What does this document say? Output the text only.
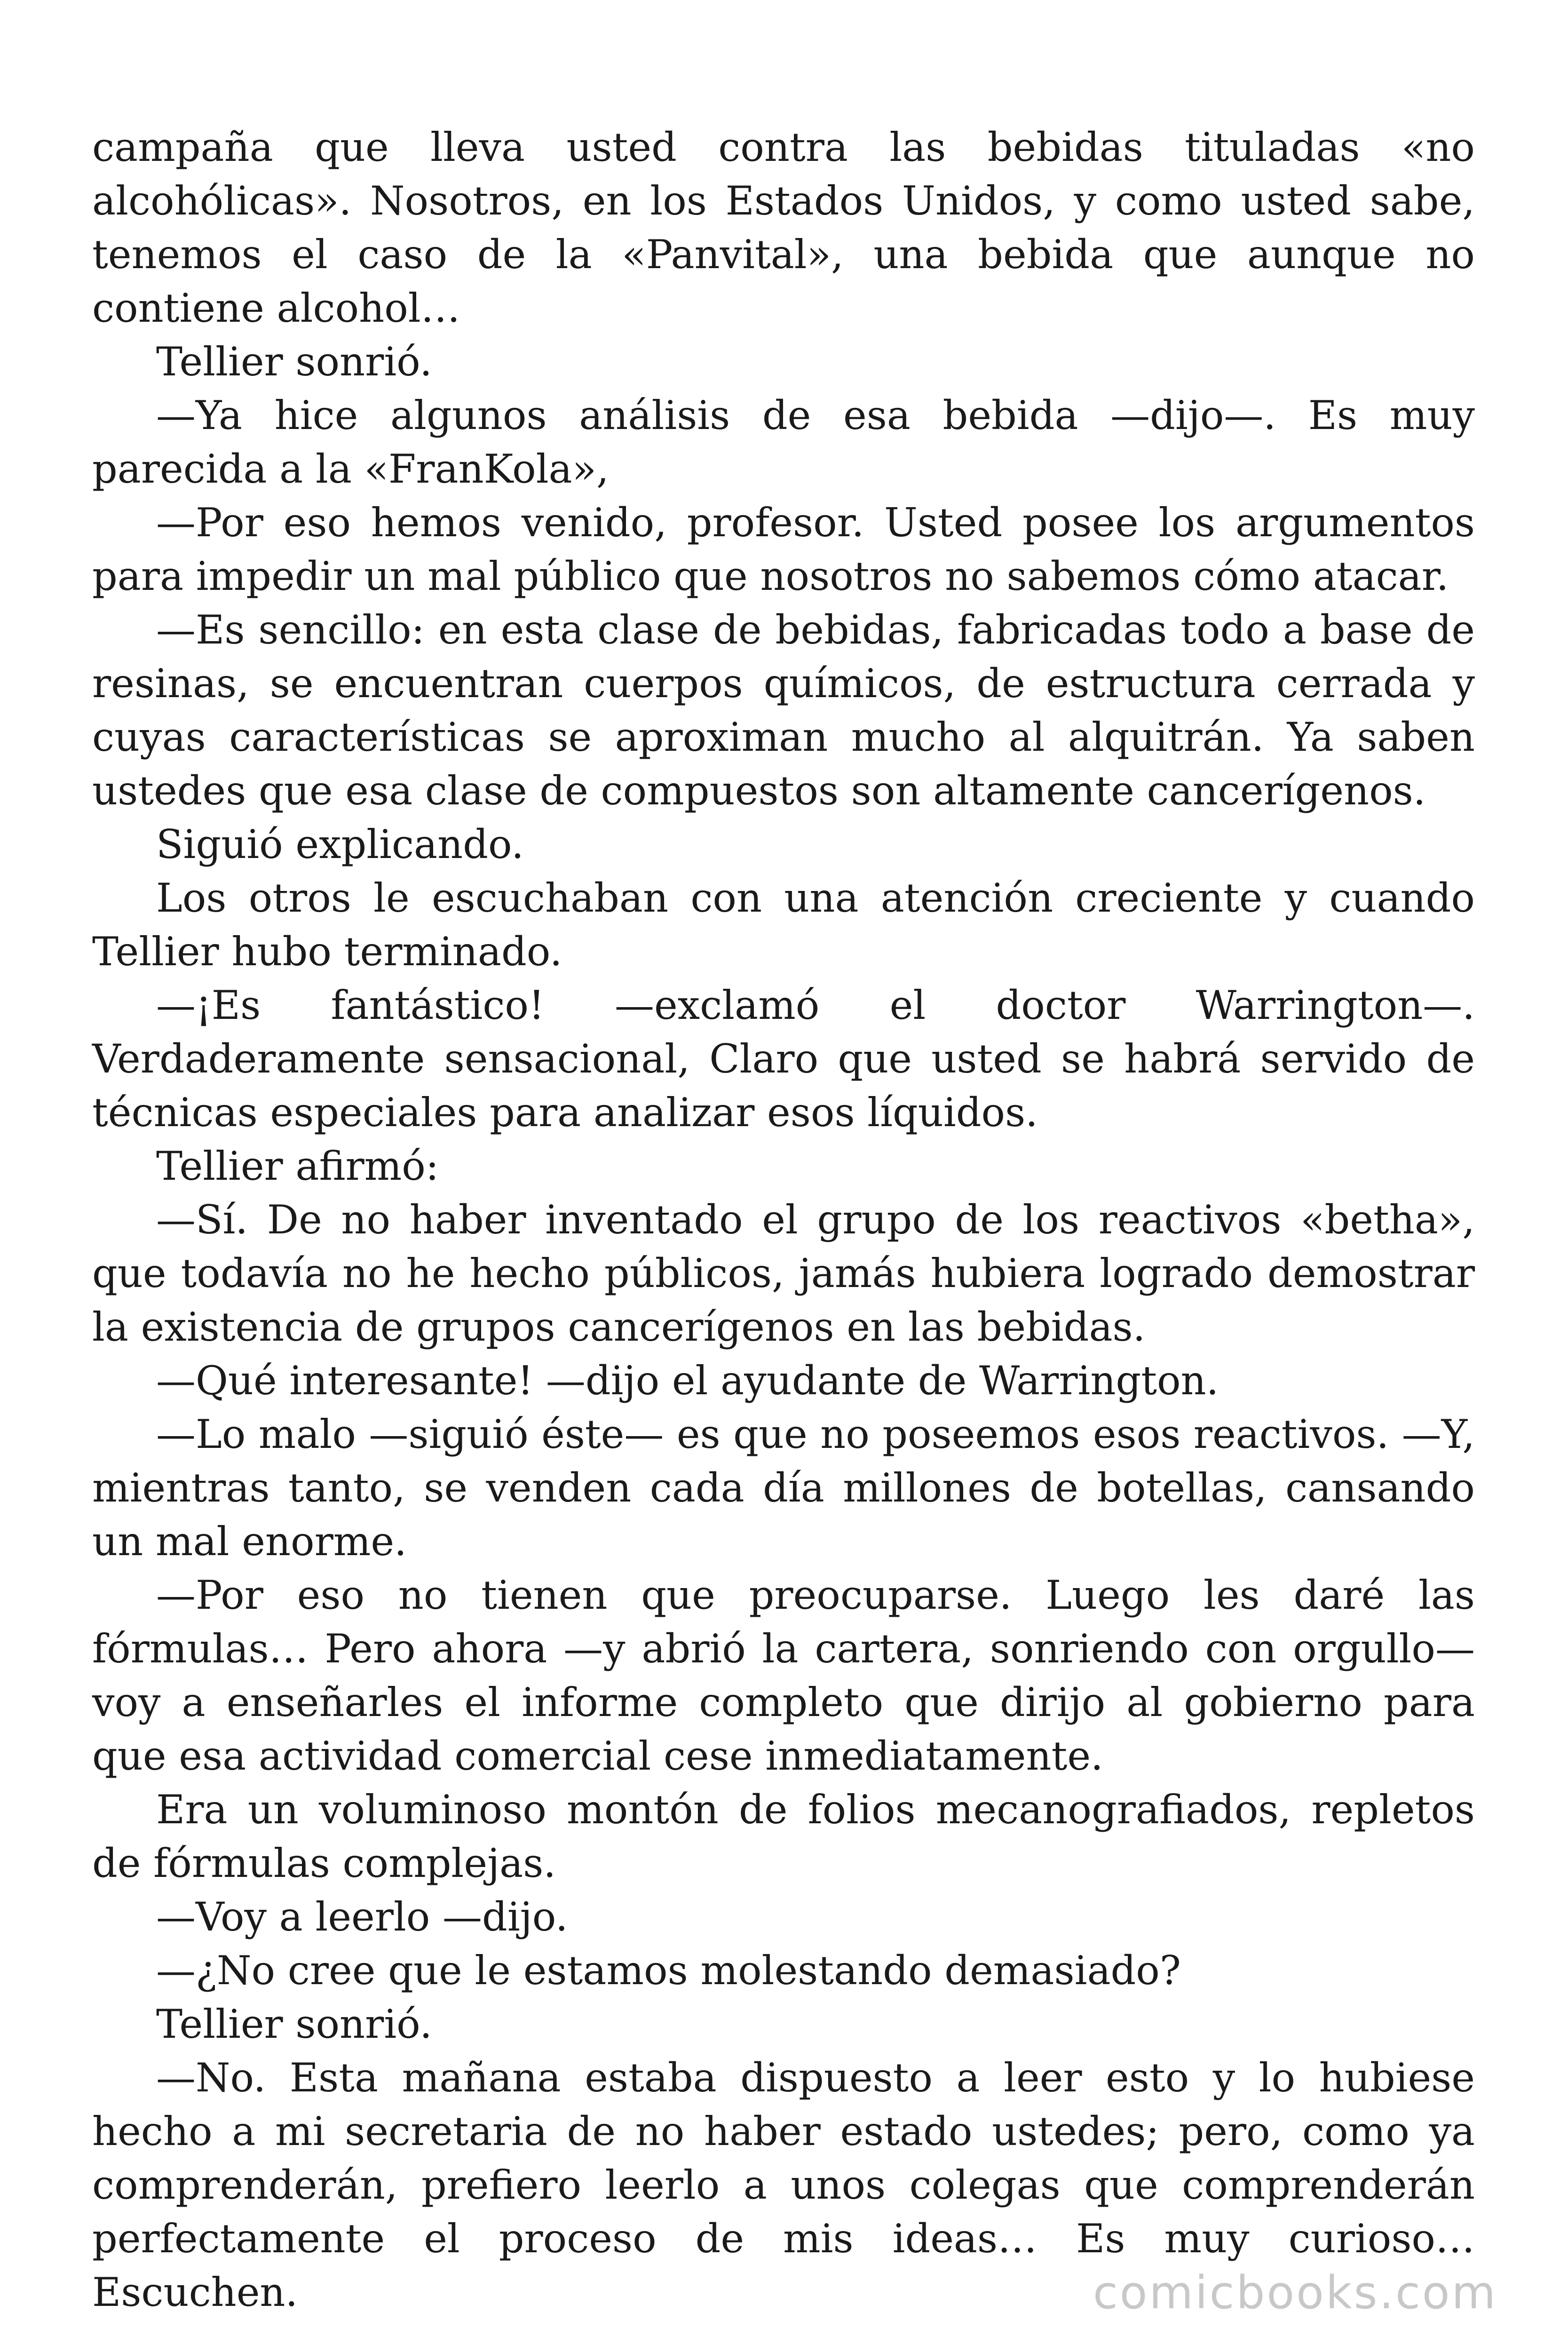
campaña que lleva usted contra las bebidas tituladas «no alcohólicas». Nosotros, en los Estados Unidos, y como usted sabe, tenemos el caso de la «Panvital», una bebida que aunque no contiene alcohol…

Tellier sonrió.

—Ya hice algunos análisis de esa bebida —dijo—. Es muy parecida a la «FranKola»,

—Por eso hemos venido, profesor. Usted posee los argumentos para impedir un mal público que nosotros no sabemos cómo atacar.

—Es sencillo: en esta clase de bebidas, fabricadas todo a base de resinas, se encuentran cuerpos químicos, de estructura cerrada y cuyas características se aproximan mucho al alquitrán. Ya saben ustedes que esa clase de compuestos son altamente cancerígenos.

Siguió explicando.

Los otros le escuchaban con una atención creciente y cuando Tellier hubo terminado.

—¡Es fantástico! —exclamó el doctor Warrington—. Verdaderamente sensacional, Claro que usted se habrá servido de técnicas especiales para analizar esos líquidos.

Tellier afirmó:

—Sí. De no haber inventado el grupo de los reactivos «betha», que todavía no he hecho públicos, jamás hubiera logrado demostrar la existencia de grupos cancerígenos en las bebidas.

—Qué interesante! —dijo el ayudante de Warrington.

—Lo malo —siguió éste— es que no poseemos esos reactivos. —Y, mientras tanto, se venden cada día millones de botellas, cansando un mal enorme.

—Por eso no tienen que preocuparse. Luego les daré las fórmulas… Pero ahora —y abrió la cartera, sonriendo con orgullo— voy a enseñarles el informe completo que dirijo al gobierno para que esa actividad comercial cese inmediatamente.

Era un voluminoso montón de folios mecanografiados, repletos de fórmulas complejas.

—Voy a leerlo —dijo.

—¿No cree que le estamos molestando demasiado?

Tellier sonrió.

—No. Esta mañana estaba dispuesto a leer esto y lo hubiese hecho a mi secretaria de no haber estado ustedes; pero, como ya comprenderán, prefiero leerlo a unos colegas que comprenderán perfectamente el proceso de mis ideas… Es muy curioso… Escuchen.	comicbooks.com
